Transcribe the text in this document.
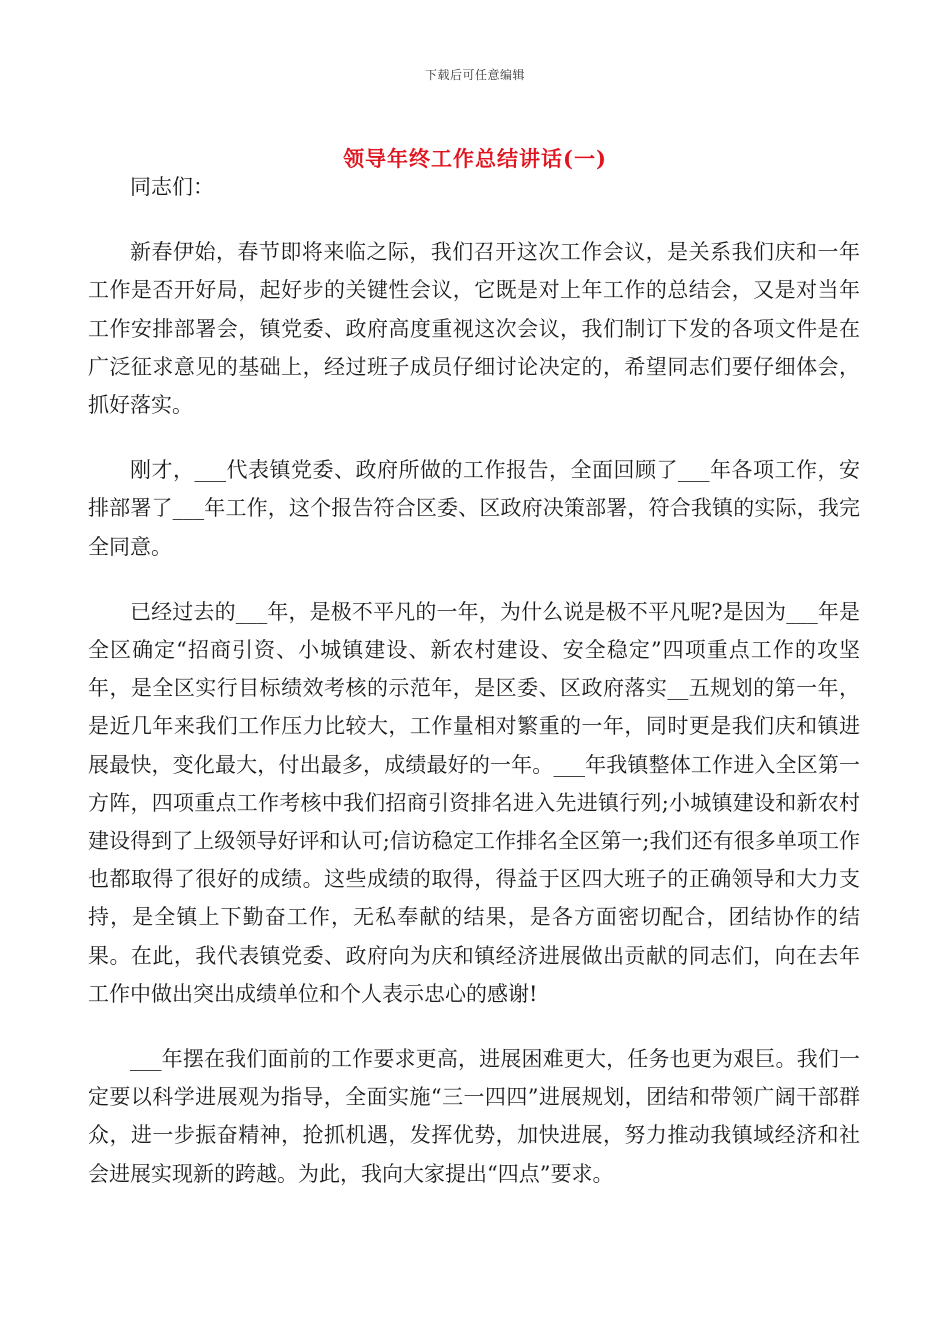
下载后可任意编辑
领导年终工作总结讲话(一)

同志们：

新春伊始，春节即将来临之际，我们召开这次工作会议，是关系我们庆和一年工作是否开好局，起好步的关键性会议，它既是对上年工作的总结会，又是对当年工作安排部署会，镇党委、政府高度重视这次会议，我们制订下发的各项文件是在广泛征求意见的基础上，经过班子成员仔细讨论决定的，希望同志们要仔细体会，抓好落实。

刚才，___代表镇党委、政府所做的工作报告，全面回顾了___年各项工作，安排部署了___年工作，这个报告符合区委、区政府决策部署，符合我镇的实际，我完全同意。

已经过去的___年，是极不平凡的一年，为什么说是极不平凡呢?是因为___年是全区确定“招商引资、小城镇建设、新农村建设、安全稳定”四项重点工作的攻坚年，是全区实行目标绩效考核的示范年，是区委、区政府落实__五规划的第一年，是近几年来我们工作压力比较大，工作量相对繁重的一年，同时更是我们庆和镇进展最快，变化最大，付出最多，成绩最好的一年。___年我镇整体工作进入全区第一方阵，四项重点工作考核中我们招商引资排名进入先进镇行列;小城镇建设和新农村建设得到了上级领导好评和认可;信访稳定工作排名全区第一;我们还有很多单项工作也都取得了很好的成绩。这些成绩的取得，得益于区四大班子的正确领导和大力支持，是全镇上下勤奋工作，无私奉献的结果，是各方面密切配合，团结协作的结果。在此，我代表镇党委、政府向为庆和镇经济进展做出贡献的同志们，向在去年工作中做出突出成绩单位和个人表示忠心的感谢!

___年摆在我们面前的工作要求更高，进展困难更大，任务也更为艰巨。我们一定要以科学进展观为指导，全面实施“三一四四”进展规划，团结和带领广阔干部群众，进一步振奋精神，抢抓机遇，发挥优势，加快进展，努力推动我镇域经济和社会进展实现新的跨越。为此，我向大家提出“四点”要求。
